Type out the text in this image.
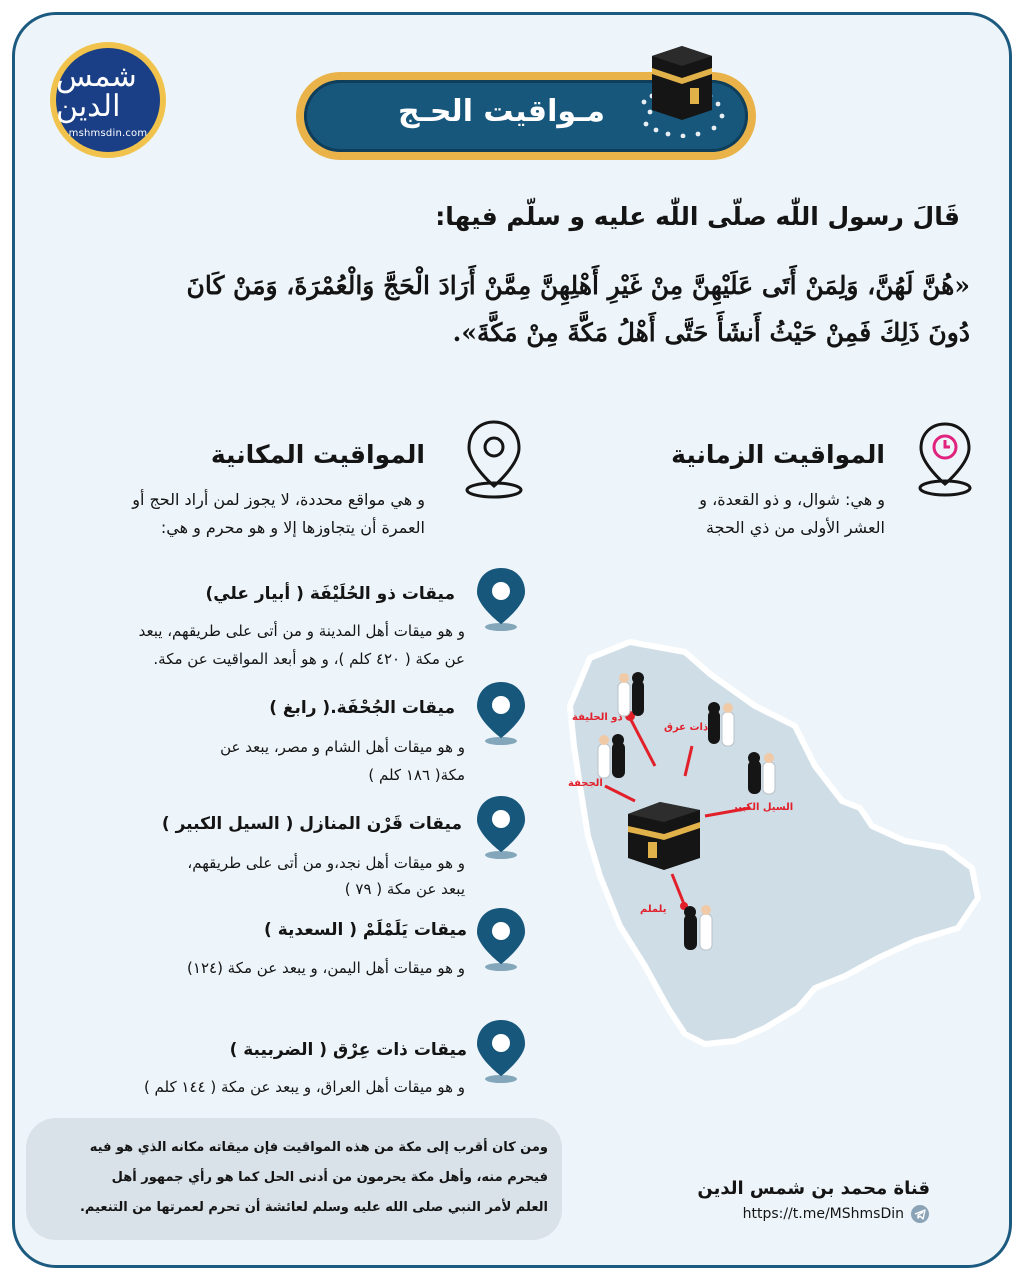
شمس الدين
mshmsdin.com
مـواقيت الحـج
قَالَ رسول اللّٰه صلّى اللّٰه عليه و سلّم فيها:
«هُنَّ لَهُنَّ، وَلِمَنْ أَتَى عَلَيْهِنَّ مِنْ غَيْرِ أَهْلِهِنَّ مِمَّنْ أَرَادَ الْحَجَّ وَالْعُمْرَةَ، وَمَنْ كَانَ دُونَ ذَلِكَ فَمِنْ حَيْثُ أَنشَأَ حَتَّى أَهْلُ مَكَّةَ مِنْ مَكَّةَ».
المواقيت الزمانية
و هي: شوال، و ذو القعدة، و
العشر الأولى من ذي الحجة
المواقيت المكانية
و هي مواقع محددة، لا يجوز لمن أراد الحج أو
العمرة أن يتجاوزها إلا و هو محرم و هي:
ميقات ذو الحُلَيْفَة ( أبيار علي)
و هو ميقات أهل المدينة و من أتى على طريقهم، يبعد
عن مكة ( ٤٢٠ كلم )، و هو أبعد المواقيت عن مكة.
ميقات الجُحْفَة.( رابغ )
و هو ميقات أهل الشام و مصر، يبعد عن
مكة( ١٨٦ كلم )
ميقات قَرْن المنازل ( السيل الكبير )
و هو ميقات أهل نجد،و من أتى على طريقهم،
يبعد عن مكة ( ٧٩ )
ميقات يَلَمْلَمْ ( السعدية )
و هو ميقات أهل اليمن، و يبعد عن مكة (١٢٤)
ميقات ذات عِرْق ( الضربيبة )
و هو ميقات أهل العراق، و يبعد عن مكة ( ١٤٤ كلم )
ذو الحليفة
ذات عرق
الجحفة
السيل الكبير
يلملم
ومن كان أقرب إلى مكة من هذه المواقيت فإن ميقاته مكانه الذي هو فيه
فيحرم منه، وأهل مكة يحرمون من أدنى الحل كما هو رأي جمهور أهل
العلم لأمر النبي صلى الله عليه وسلم لعائشة أن تحرم لعمرتها من التنعيم.
قناة محمد بن شمس الدين
https://t.me/MShmsDin
